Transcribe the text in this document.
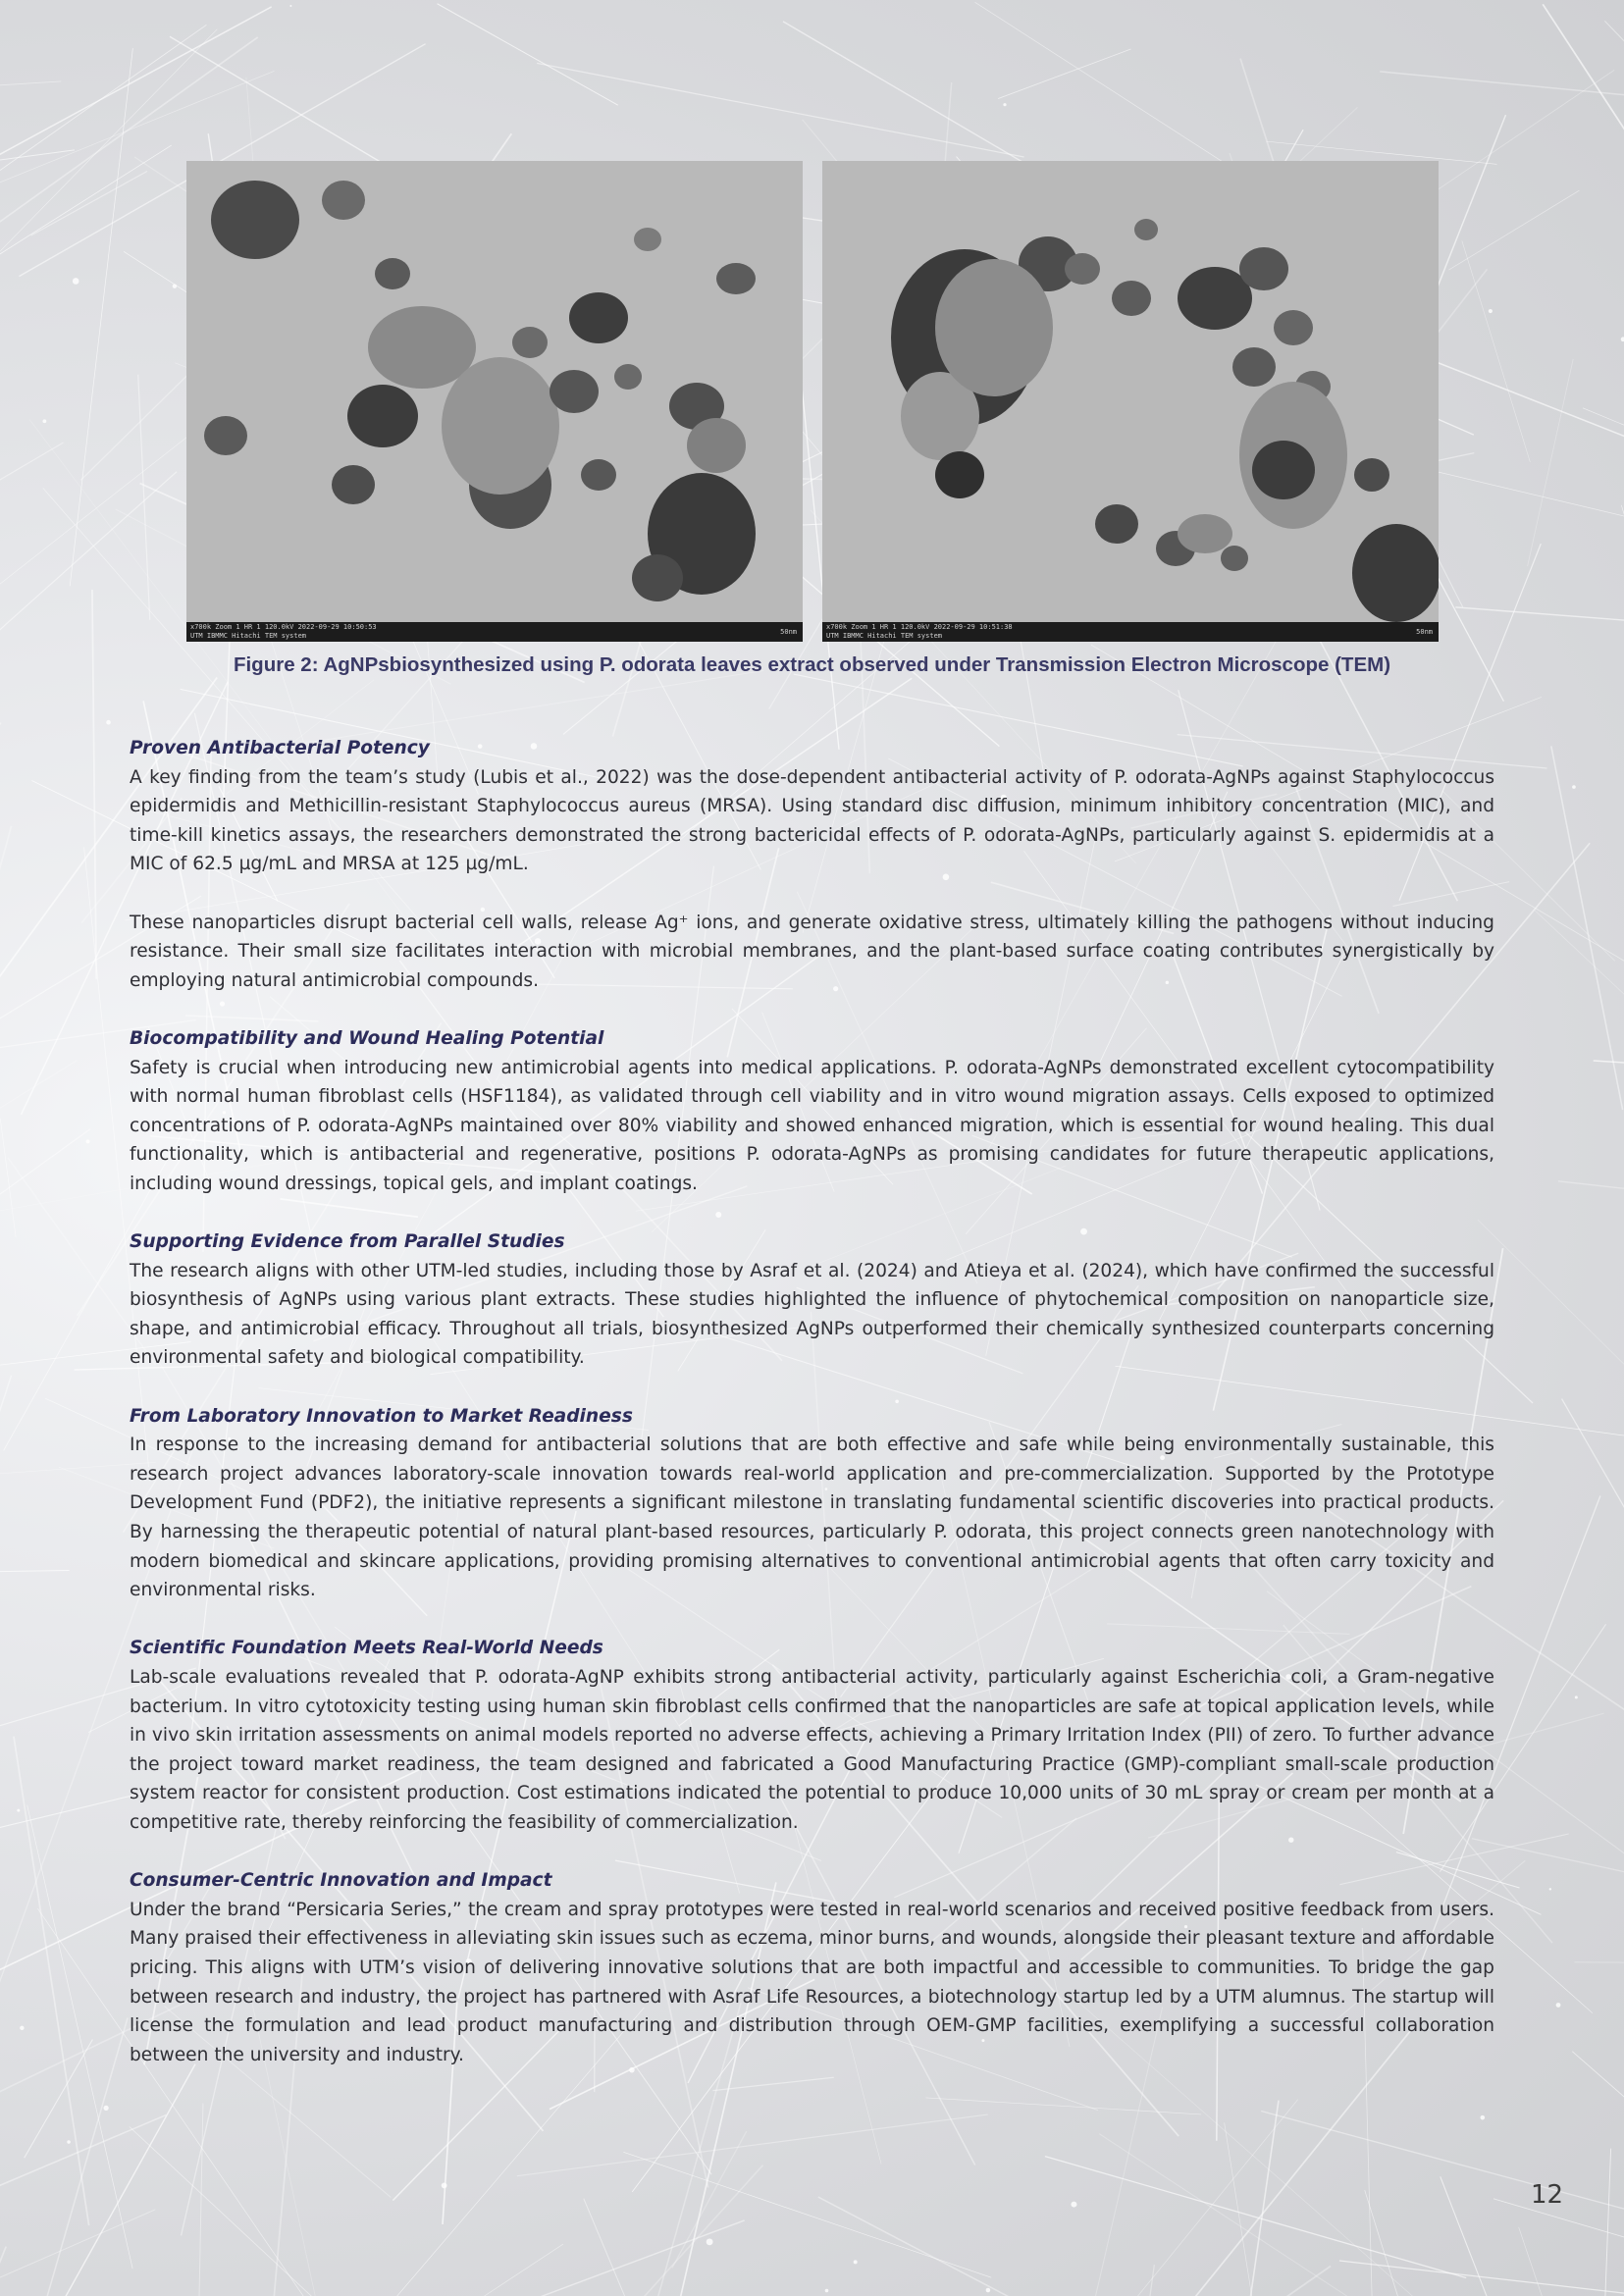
x700k Zoom 1 HR 1 120.0kV 2022-09-29 10:50:53
UTM IBMMC Hitachi TEM system	50nm
x700k Zoom 1 HR 1 120.0kV 2022-09-29 10:51:38
UTM IBMMC Hitachi TEM system	50nm
Figure 2: AgNPsbiosynthesized using P. odorata leaves extract observed under Transmission Electron Microscope (TEM)
Proven Antibacterial Potency

A key finding from the team’s study (Lubis et al., 2022) was the dose-dependent antibacterial activity of P. odorata-AgNPs against Staphylococcus epidermidis and Methicillin-resistant Staphylococcus aureus (MRSA). Using standard disc diffusion, minimum inhibitory concentration (MIC), and time-kill kinetics assays, the researchers demonstrated the strong bactericidal effects of P. odorata-AgNPs, particularly against S. epidermidis at a MIC of 62.5 µg/mL and MRSA at 125 µg/mL.

These nanoparticles disrupt bacterial cell walls, release Ag⁺ ions, and generate oxidative stress, ultimately killing the pathogens without inducing resistance. Their small size facilitates interaction with microbial membranes, and the plant-based surface coating contributes synergistically by employing natural antimicrobial compounds.

Biocompatibility and Wound Healing Potential

Safety is crucial when introducing new antimicrobial agents into medical applications. P. odorata-AgNPs demonstrated excellent cytocompatibility with normal human fibroblast cells (HSF1184), as validated through cell viability and in vitro wound migration assays. Cells exposed to optimized concentrations of P. odorata-AgNPs maintained over 80% viability and showed enhanced migration, which is essential for wound healing. This dual functionality, which is antibacterial and regenerative, positions P. odorata-AgNPs as promising candidates for future therapeutic applications, including wound dressings, topical gels, and implant coatings.

Supporting Evidence from Parallel Studies

The research aligns with other UTM-led studies, including those by Asraf et al. (2024) and Atieya et al. (2024), which have confirmed the successful biosynthesis of AgNPs using various plant extracts. These studies highlighted the influence of phytochemical composition on nanoparticle size, shape, and antimicrobial efficacy. Throughout all trials, biosynthesized AgNPs outperformed their chemically synthesized counterparts concerning environmental safety and biological compatibility.

From Laboratory Innovation to Market Readiness

In response to the increasing demand for antibacterial solutions that are both effective and safe while being environmentally sustainable, this research project advances laboratory-scale innovation towards real-world application and pre-commercialization. Supported by the Prototype Development Fund (PDF2), the initiative represents a significant milestone in translating fundamental scientific discoveries into practical products. By harnessing the therapeutic potential of natural plant-based resources, particularly P. odorata, this project connects green nanotechnology with modern biomedical and skincare applications, providing promising alternatives to conventional antimicrobial agents that often carry toxicity and environmental risks.

Scientific Foundation Meets Real-World Needs

Lab-scale evaluations revealed that P. odorata-AgNP exhibits strong antibacterial activity, particularly against Escherichia coli, a Gram-negative bacterium. In vitro cytotoxicity testing using human skin fibroblast cells confirmed that the nanoparticles are safe at topical application levels, while in vivo skin irritation assessments on animal models reported no adverse effects, achieving a Primary Irritation Index (PII) of zero. To further advance the project toward market readiness, the team designed and fabricated a Good Manufacturing Practice (GMP)-compliant small-scale production system reactor for consistent production. Cost estimations indicated the potential to produce 10,000 units of 30 mL spray or cream per month at a competitive rate, thereby reinforcing the feasibility of commercialization.

Consumer-Centric Innovation and Impact

Under the brand “Persicaria Series,” the cream and spray prototypes were tested in real-world scenarios and received positive feedback from users. Many praised their effectiveness in alleviating skin issues such as eczema, minor burns, and wounds, alongside their pleasant texture and affordable pricing. This aligns with UTM’s vision of delivering innovative solutions that are both impactful and accessible to communities. To bridge the gap between research and industry, the project has partnered with Asraf Life Resources, a biotechnology startup led by a UTM alumnus. The startup will license the formulation and lead product manufacturing and distribution through OEM-GMP facilities, exemplifying a successful collaboration between the university and industry.

12
